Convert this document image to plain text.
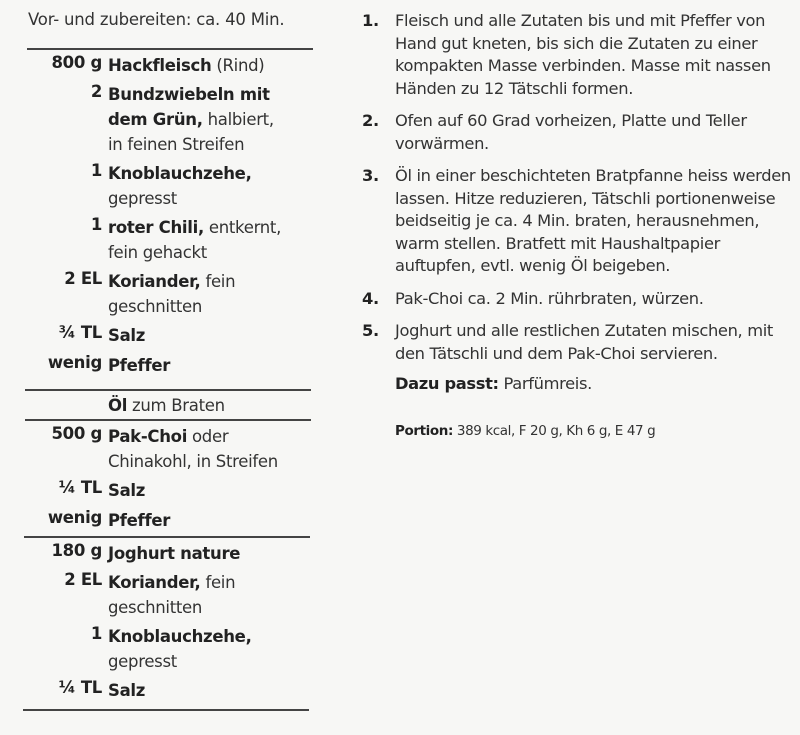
Vor- und zubereiten: ca. 40 Min.
800 g Hackfleisch (Rind)
2 Bundzwiebeln mit dem Grün, halbiert, in feinen Streifen
1 Knoblauchzehe, gepresst
1 roter Chili, entkernt, fein gehackt
2 EL Koriander, fein geschnitten
¾ TL Salz
wenig Pfeffer
Öl zum Braten
500 g Pak-Choi oder Chinakohl, in Streifen
¼ TL Salz
wenig Pfeffer
180 g Joghurt nature
2 EL Koriander, fein geschnitten
1 Knoblauchzehe, gepresst
¼ TL Salz
1. Fleisch und alle Zutaten bis und mit Pfeffer von Hand gut kneten, bis sich die Zutaten zu einer kompakten Masse verbinden. Masse mit nassen Händen zu 12 Tätschli formen.
2. Ofen auf 60 Grad vorheizen, Platte und Teller vorwärmen.
3. Öl in einer beschichteten Bratpfanne heiss werden lassen. Hitze reduzieren, Tätschli portionenweise beidseitig je ca. 4 Min. braten, herausnehmen, warm stellen. Bratfett mit Haushaltpapier auftupfen, evtl. wenig Öl beigeben.
4. Pak-Choi ca. 2 Min. rührbraten, würzen.
5. Joghurt und alle restlichen Zutaten mischen, mit den Tätschli und dem Pak-Choi servieren.
Dazu passt: Parfümreis.
Portion: 389 kcal, F 20 g, Kh 6 g, E 47 g
